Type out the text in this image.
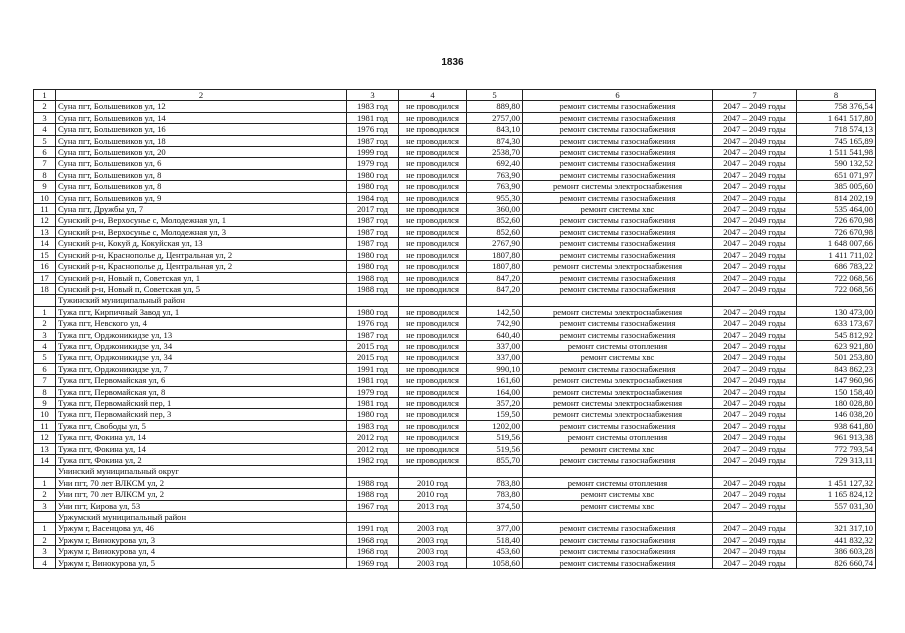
1836
1	2	3	4	5	6	7	8
2	Суна пгт, Большевиков ул, 12	1983 год	не проводился	889,80	ремонт системы газоснабжения	2047 – 2049 годы	758 376,54
3	Суна пгт, Большевиков ул, 14	1981 год	не проводился	2757,00	ремонт системы газоснабжения	2047 – 2049 годы	1 641 517,80
4	Суна пгт, Большевиков ул, 16	1976 год	не проводился	843,10	ремонт системы газоснабжения	2047 – 2049 годы	718 574,13
5	Суна пгт, Большевиков ул, 18	1987 год	не проводился	874,30	ремонт системы газоснабжения	2047 – 2049 годы	745 165,89
6	Суна пгт, Большевиков ул, 20	1999 год	не проводился	2538,70	ремонт системы газоснабжения	2047 – 2049 годы	1 511 541,98
7	Суна пгт, Большевиков ул, 6	1979 год	не проводился	692,40	ремонт системы газоснабжения	2047 – 2049 годы	590 132,52
8	Суна пгт, Большевиков ул, 8	1980 год	не проводился	763,90	ремонт системы газоснабжения	2047 – 2049 годы	651 071,97
9	Суна пгт, Большевиков ул, 8	1980 год	не проводился	763,90	ремонт системы электроснабжения	2047 – 2049 годы	385 005,60
10	Суна пгт, Большевиков ул, 9	1984 год	не проводился	955,30	ремонт системы газоснабжения	2047 – 2049 годы	814 202,19
11	Суна пгт, Дружбы ул, 7	2017 год	не проводился	360,00	ремонт системы хвс	2047 – 2049 годы	535 464,00
12	Сунский р-н, Верхосунье с, Молодежная ул, 1	1987 год	не проводился	852,60	ремонт системы газоснабжения	2047 – 2049 годы	726 670,98
13	Сунский р-н, Верхосунье с, Молодежная ул, 3	1987 год	не проводился	852,60	ремонт системы газоснабжения	2047 – 2049 годы	726 670,98
14	Сунский р-н, Кокуй д, Кокуйская ул, 13	1987 год	не проводился	2767,90	ремонт системы газоснабжения	2047 – 2049 годы	1 648 007,66
15	Сунский р-н, Краснополье д, Центральная ул, 2	1980 год	не проводился	1807,80	ремонт системы газоснабжения	2047 – 2049 годы	1 411 711,02
16	Сунский р-н, Краснополье д, Центральная ул, 2	1980 год	не проводился	1807,80	ремонт системы электроснабжения	2047 – 2049 годы	686 783,22
17	Сунский р-н, Новый п, Советская ул, 1	1988 год	не проводился	847,20	ремонт системы газоснабжения	2047 – 2049 годы	722 068,56
18	Сунский р-н, Новый п, Советская ул, 5	1988 год	не проводился	847,20	ремонт системы газоснабжения	2047 – 2049 годы	722 068,56
	Тужинский муниципальный район						
1	Тужа пгт, Кирпичный Завод ул, 1	1980 год	не проводился	142,50	ремонт системы электроснабжения	2047 – 2049 годы	130 473,00
2	Тужа пгт, Невского ул, 4	1976 год	не проводился	742,90	ремонт системы газоснабжения	2047 – 2049 годы	633 173,67
3	Тужа пгт, Орджоникидзе ул, 13	1987 год	не проводился	640,40	ремонт системы газоснабжения	2047 – 2049 годы	545 812,92
4	Тужа пгт, Орджоникидзе ул, 34	2015 год	не проводился	337,00	ремонт системы отопления	2047 – 2049 годы	623 921,80
5	Тужа пгт, Орджоникидзе ул, 34	2015 год	не проводился	337,00	ремонт системы хвс	2047 – 2049 годы	501 253,80
6	Тужа пгт, Орджоникидзе ул, 7	1991 год	не проводился	990,10	ремонт системы газоснабжения	2047 – 2049 годы	843 862,23
7	Тужа пгт, Первомайская ул, 6	1981 год	не проводился	161,60	ремонт системы электроснабжения	2047 – 2049 годы	147 960,96
8	Тужа пгт, Первомайская ул, 8	1979 год	не проводился	164,00	ремонт системы электроснабжения	2047 – 2049 годы	150 158,40
9	Тужа пгт, Первомайский пер, 1	1981 год	не проводился	357,20	ремонт системы электроснабжения	2047 – 2049 годы	180 028,80
10	Тужа пгт, Первомайский пер, 3	1980 год	не проводился	159,50	ремонт системы электроснабжения	2047 – 2049 годы	146 038,20
11	Тужа пгт, Свободы ул, 5	1983 год	не проводился	1202,00	ремонт системы газоснабжения	2047 – 2049 годы	938 641,80
12	Тужа пгт, Фокина ул, 14	2012 год	не проводился	519,56	ремонт системы отопления	2047 – 2049 годы	961 913,38
13	Тужа пгт, Фокина ул, 14	2012 год	не проводился	519,56	ремонт системы хвс	2047 – 2049 годы	772 793,54
14	Тужа пгт, Фокина ул, 2	1982 год	не проводился	855,70	ремонт системы газоснабжения	2047 – 2049 годы	729 313,11
	Унинский муниципальный округ						
1	Уни пгт, 70 лет ВЛКСМ ул, 2	1988 год	2010 год	783,80	ремонт системы отопления	2047 – 2049 годы	1 451 127,32
2	Уни пгт, 70 лет ВЛКСМ ул, 2	1988 год	2010 год	783,80	ремонт системы хвс	2047 – 2049 годы	1 165 824,12
3	Уни пгт, Кирова ул, 53	1967 год	2013 год	374,50	ремонт системы хвс	2047 – 2049 годы	557 031,30
	Уржумский муниципальный район						
1	Уржум г, Васенцова ул, 46	1991 год	2003 год	377,00	ремонт системы газоснабжения	2047 – 2049 годы	321 317,10
2	Уржум г, Винокурова ул, 3	1968 год	2003 год	518,40	ремонт системы газоснабжения	2047 – 2049 годы	441 832,32
3	Уржум г, Винокурова ул, 4	1968 год	2003 год	453,60	ремонт системы газоснабжения	2047 – 2049 годы	386 603,28
4	Уржум г, Винокурова ул, 5	1969 год	2003 год	1058,60	ремонт системы газоснабжения	2047 – 2049 годы	826 660,74
